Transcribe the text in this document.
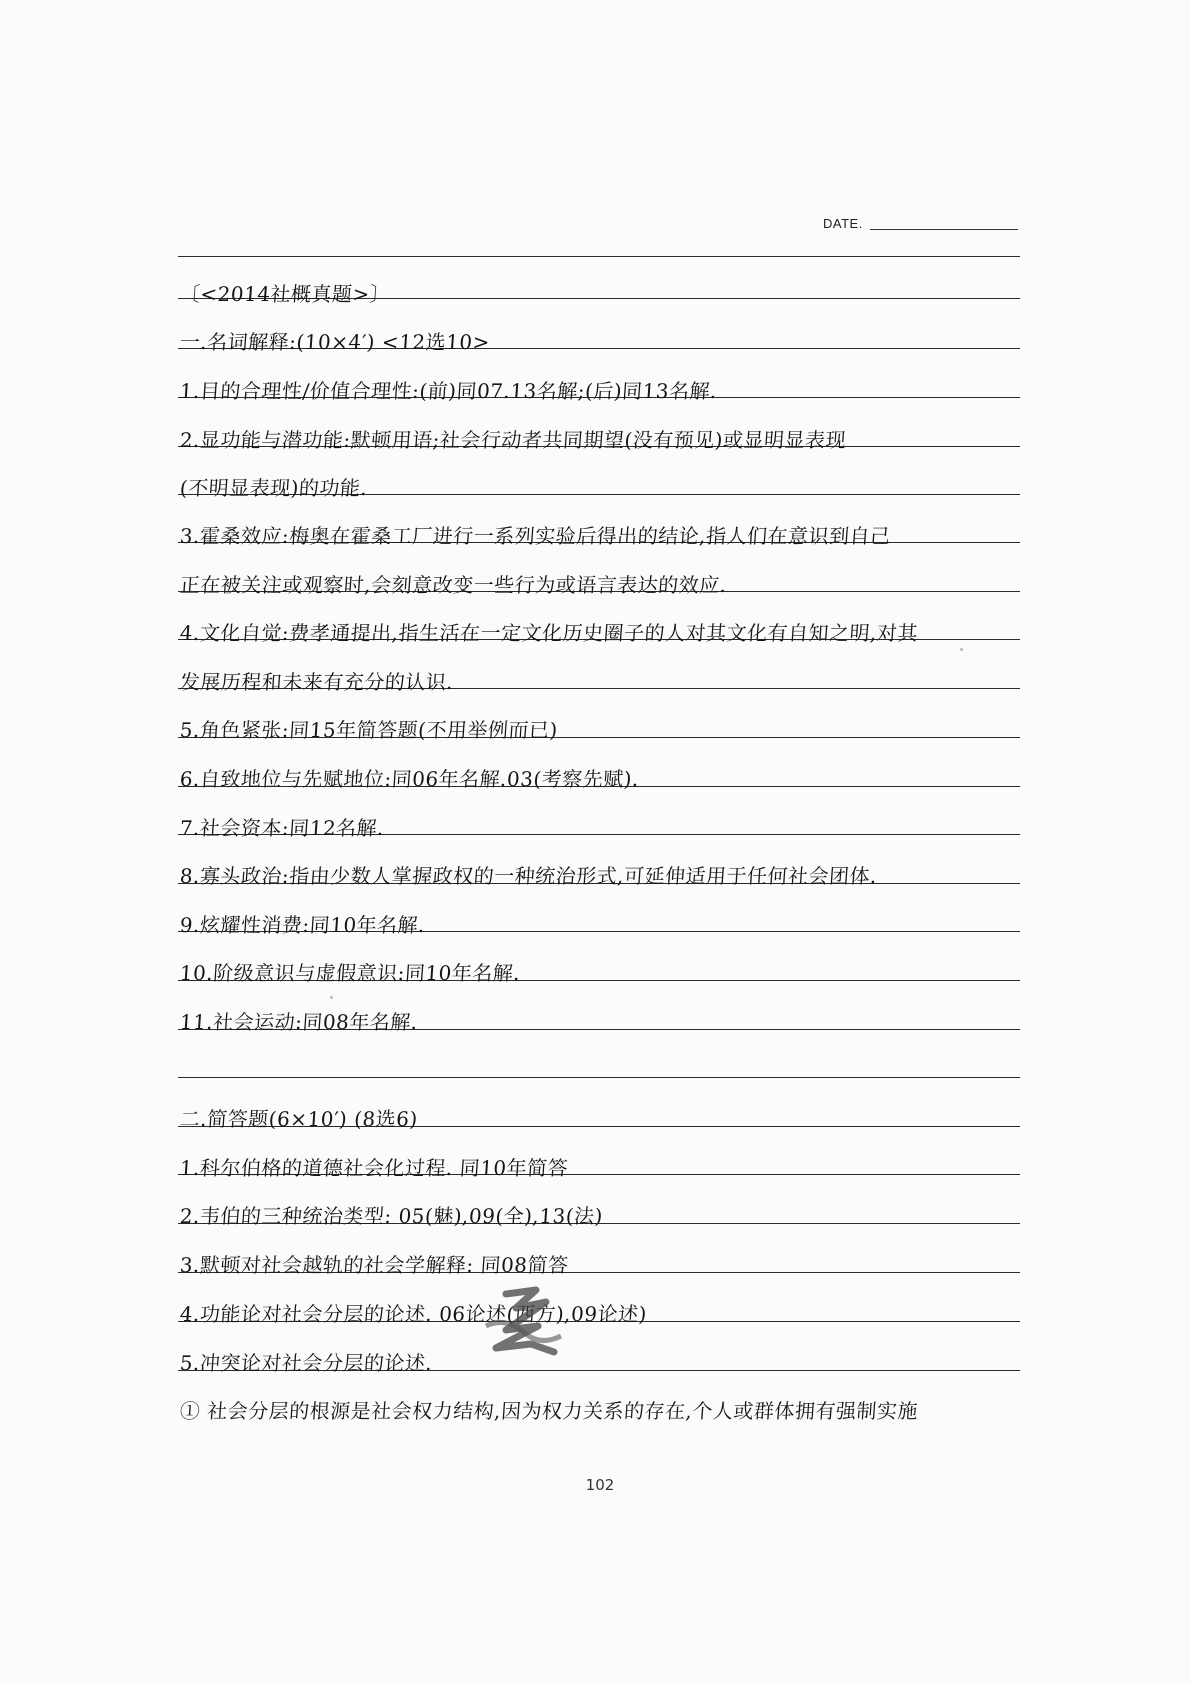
DATE.
〔<2014社概真题>〕
一.名词解释:(10×4′) <12选10>
1.目的合理性/价值合理性:(前)同07.13名解;(后)同13名解.
2.显功能与潜功能:默顿用语;社会行动者共同期望(没有预见)或显明显表现
(不明显表现)的功能.
3.霍桑效应:梅奥在霍桑工厂进行一系列实验后得出的结论,指人们在意识到自己
正在被关注或观察时,会刻意改变一些行为或语言表达的效应.
4.文化自觉:费孝通提出,指生活在一定文化历史圈子的人对其文化有自知之明,对其
发展历程和未来有充分的认识.
5.角色紧张:同15年简答题(不用举例而已)
6.自致地位与先赋地位:同06年名解.03(考察先赋).
7.社会资本:同12名解.
8.寡头政治:指由少数人掌握政权的一种统治形式,可延伸适用于任何社会团体.
9.炫耀性消费:同10年名解.
10.阶级意识与虚假意识:同10年名解.
11.社会运动:同08年名解.
二.简答题(6×10′) (8选6)
1.科尔伯格的道德社会化过程. 同10年简答
2.韦伯的三种统治类型: 05(魅),09(全),13(法)
3.默顿对社会越轨的社会学解释: 同08简答
4.功能论对社会分层的论述. 06论述(西方),09论述)
5.冲突论对社会分层的论述.
① 社会分层的根源是社会权力结构,因为权力关系的存在,个人或群体拥有强制实施
102
